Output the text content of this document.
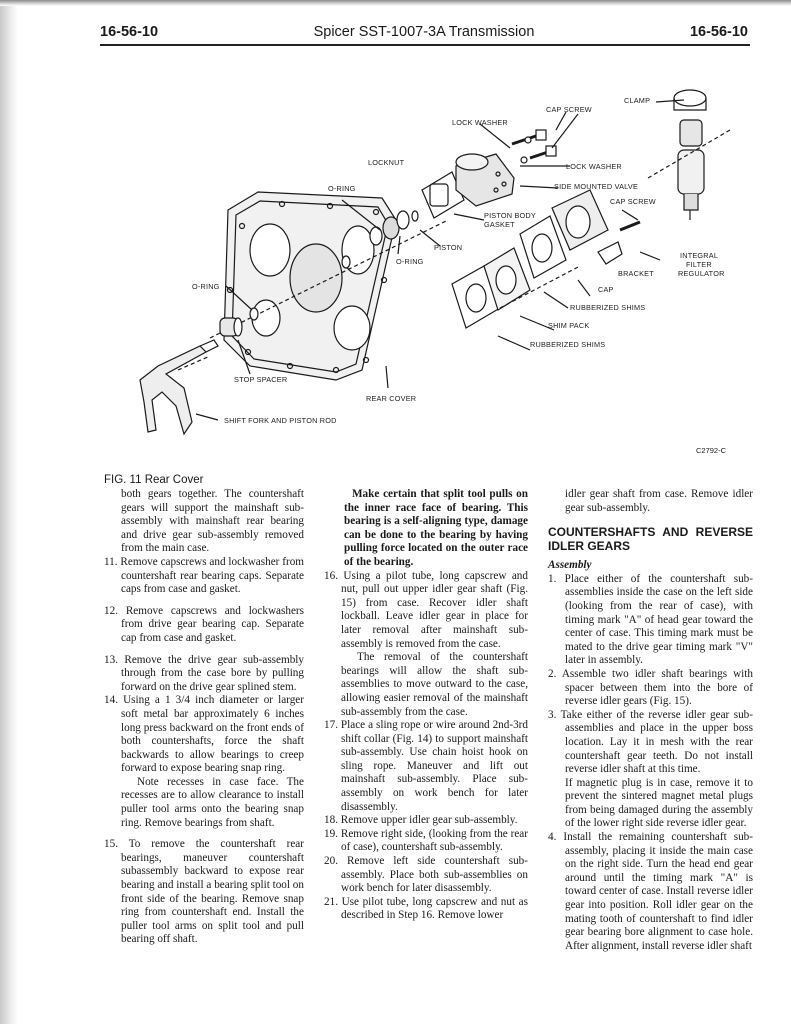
16-56-10	Spicer SST-1007-3A Transmission	16-56-10
CLAMP
CAP SCREW
LOCK WASHER
LOCKNUT	LOCK WASHER
O-RING	SIDE MOUNTED VALVE
CAP SCREW
PISTON BODY
GASKET
PISTON
O-RING
INTEGRAL
FILTER
REGULATOR
BRACKET
CAP
O-RING
RUBBERIZED SHIMS
SHIM PACK
RUBBERIZED SHIMS
STOP SPACER
REAR COVER
SHIFT FORK AND PISTON ROD
C2792-C
FIG. 11 Rear Cover

both gears together. The countershaft gears will support the mainshaft sub-assembly with mainshaft rear bearing and drive gear sub-assembly removed from the main case.

11. Remove capscrews and lockwasher from countershaft rear bearing caps. Separate caps from case and gasket.

12. Remove capscrews and lockwashers from drive gear bearing cap. Separate cap from case and gasket.

13. Remove the drive gear sub-assembly through from the case bore by pulling forward on the drive gear splined stem.

14. Using a 1 3/4 inch diameter or larger soft metal bar approximately 6 inches long press backward on the front ends of both countershafts, force the shaft backwards to allow bearings to creep forward to expose bearing snap ring.

Note recesses in case face. The recesses are to allow clearance to install puller tool arms onto the bearing snap ring. Remove bearings from shaft.

15. To remove the countershaft rear bearings, maneuver countershaft subassembly backward to expose rear bearing and install a bearing split tool on front side of the bearing. Remove snap ring from countershaft end. Install the puller tool arms on split tool and pull bearing off shaft.

Make certain that split tool pulls on the inner race face of bearing. This bearing is a self-aligning type, damage can be done to the bearing by having pulling force located on the outer race of the bearing.

16. Using a pilot tube, long capscrew and nut, pull out upper idler gear shaft (Fig. 15) from case. Recover idler shaft lockball. Leave idler gear in place for later removal after mainshaft sub-assembly is removed from the case.

The removal of the countershaft bearings will allow the shaft sub-assemblies to move outward to the case, allowing easier removal of the mainshaft sub-assembly from the case.

17. Place a sling rope or wire around 2nd-3rd shift collar (Fig. 14) to support mainshaft sub-assembly. Use chain hoist hook on sling rope. Maneuver and lift out mainshaft sub-assembly. Place sub-assembly on work bench for later disassembly.

18. Remove upper idler gear sub-assembly.

19. Remove right side, (looking from the rear of case), countershaft sub-assembly.

20. Remove left side countershaft sub-assembly. Place both sub-assemblies on work bench for later disassembly.

21. Use pilot tube, long capscrew and nut as described in Step 16. Remove lower

idler gear shaft from case. Remove idler gear sub-assembly.

COUNTERSHAFTS AND REVERSE IDLER GEARS

Assembly

1. Place either of the countershaft sub-assemblies inside the case on the left side (looking from the rear of case), with timing mark "A" of head gear toward the center of case. This timing mark must be mated to the drive gear timing mark "V" later in assembly.

2. Assemble two idler shaft bearings with spacer between them into the bore of reverse idler gears (Fig. 15).

3. Take either of the reverse idler gear sub-assemblies and place in the upper boss location. Lay it in mesh with the rear countershaft gear teeth. Do not install reverse idler shaft at this time.

If magnetic plug is in case, remove it to prevent the sintered magnet metal plugs from being damaged during the assembly of the lower right side reverse idler gear.

4. Install the remaining countershaft sub-assembly, placing it inside the main case on the right side. Turn the head end gear around until the timing mark "A" is toward center of case. Install reverse idler gear into position. Roll idler gear on the mating tooth of countershaft to find idler gear bearing bore alignment to case hole. After alignment, install reverse idler shaft
